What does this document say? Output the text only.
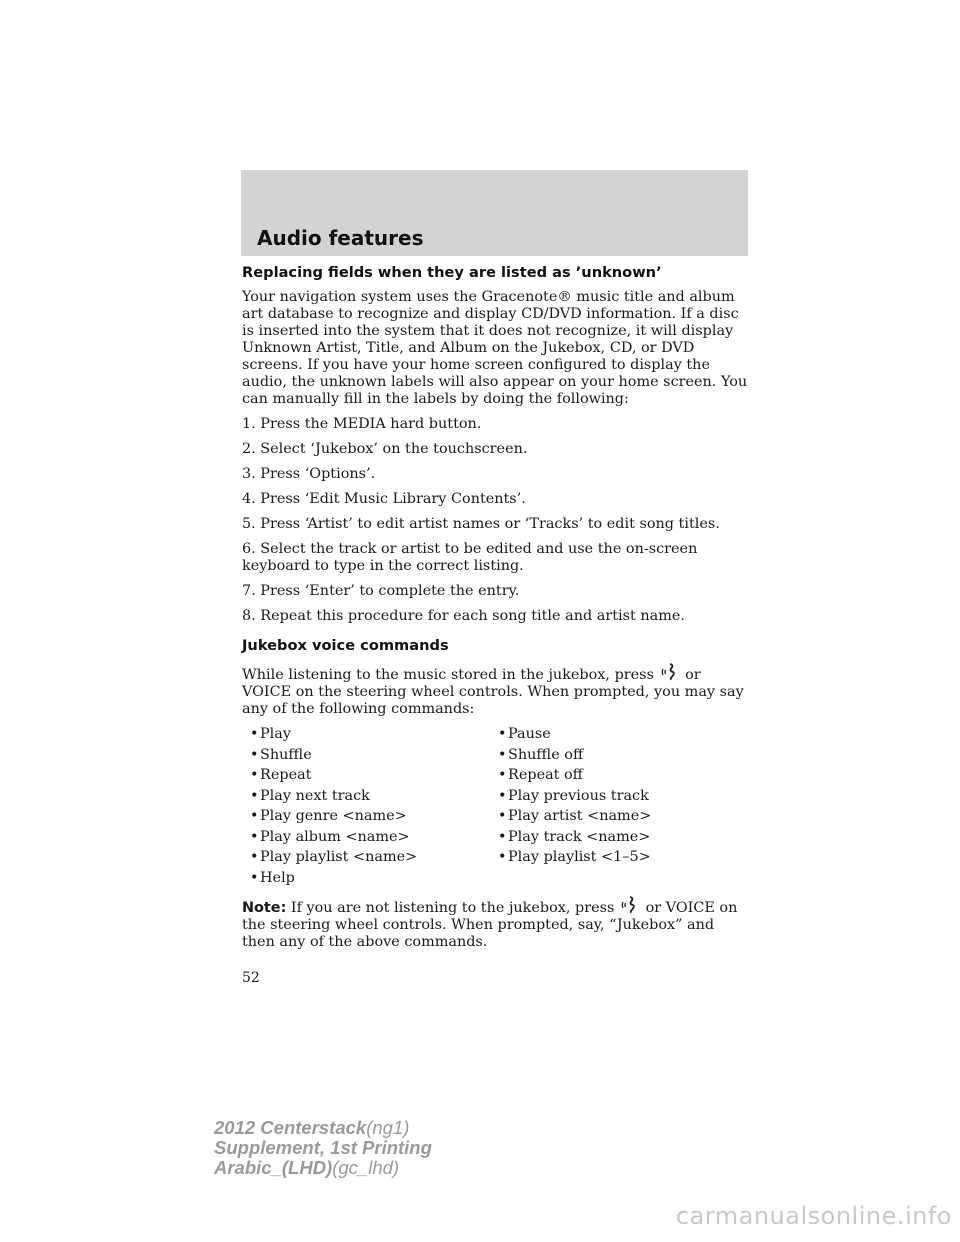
Audio features

Replacing fields when they are listed as ’unknown’

Your navigation system uses the Gracenote® music title and album art database to recognize and display CD/DVD information. If a disc is inserted into the system that it does not recognize, it will display Unknown Artist, Title, and Album on the Jukebox, CD, or DVD screens. If you have your home screen configured to display the audio, the unknown labels will also appear on your home screen. You can manually fill in the labels by doing the following:

1. Press the MEDIA hard button.

2. Select ‘Jukebox’ on the touchscreen.

3. Press ‘Options’.

4. Press ‘Edit Music Library Contents’.

5. Press ‘Artist’ to edit artist names or ‘Tracks’ to edit song titles.

6. Select the track or artist to be edited and use the on-screen keyboard to type in the correct listing.

7. Press ‘Enter’ to complete the entry.

8. Repeat this procedure for each song title and artist name.

Jukebox voice commands

While listening to the music stored in the jukebox, press or VOICE on the steering wheel controls. When prompted, you may say any of the following commands:

• Play	• Pause
• Shuffle	• Shuffle off
• Repeat	• Repeat off
• Play next track	• Play previous track
• Play genre <name>	• Play artist <name>
• Play album <name>	• Play track <name>
• Play playlist <name>	• Play playlist <1–5>
• Help

Note: If you are not listening to the jukebox, press or VOICE on the steering wheel controls. When prompted, say, “Jukebox” and then any of the above commands.

52
2012 Centerstack(ng1)
Supplement, 1st Printing
Arabic_(LHD)(gc_lhd)
carmanualsonline.info
